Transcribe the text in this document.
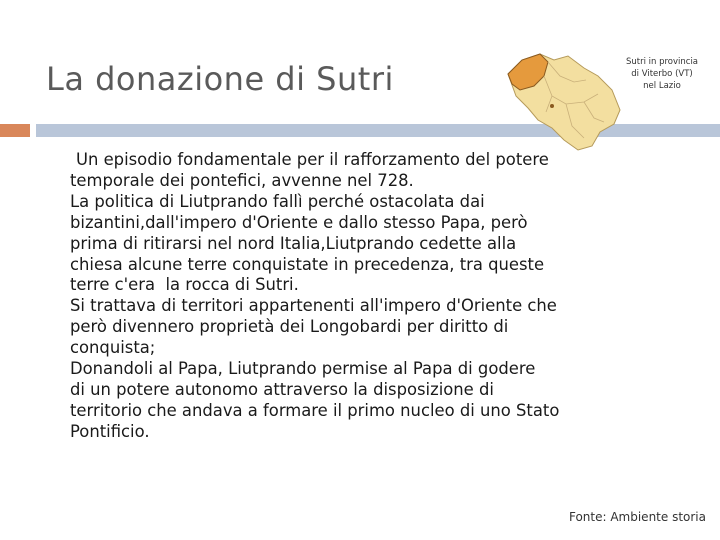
La donazione di Sutri	Sutri in provincia
di Viterbo (VT)
nel Lazio
Un episodio fondamentale per il rafforzamento del potere
temporale dei pontefici, avvenne nel 728.
La politica di Liutprando fallì perché ostacolata dai
bizantini,dall'impero d'Oriente e dallo stesso Papa, però
prima di ritirarsi nel nord Italia,Liutprando cedette alla
chiesa alcune terre conquistate in precedenza, tra queste
terre c'era  la rocca di Sutri.
Si trattava di territori appartenenti all'impero d'Oriente che
però divennero proprietà dei Longobardi per diritto di
conquista;
Donandoli al Papa, Liutprando permise al Papa di godere
di un potere autonomo attraverso la disposizione di
territorio che andava a formare il primo nucleo di uno Stato
Pontificio.
Fonte: Ambiente storia
